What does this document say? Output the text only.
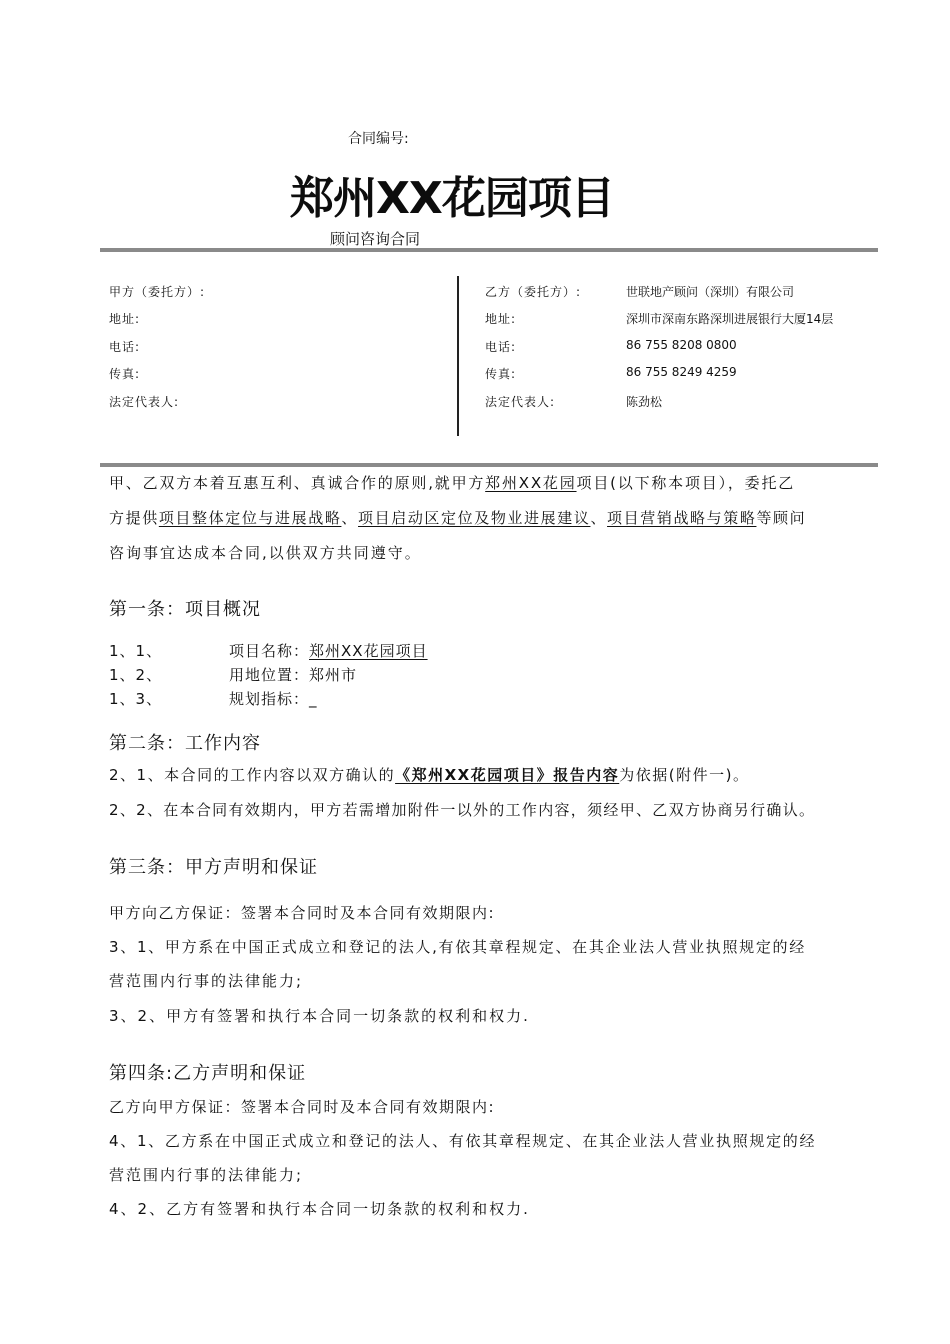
合同编号:
郑州XX花园项目
顾问咨询合同
甲方（委托方）:
地址:
电话:
传真:
法定代表人:
乙方（委托方）:	世联地产顾问（深圳）有限公司
地址:	深圳市深南东路深圳进展银行大厦14层
电话:	86 755 8208 0800
传真:	86 755 8249 4259
法定代表人:	陈劲松
甲、乙双方本着互惠互利、真诚合作的原则,就甲方郑州XX花园项目(以下称本项目），委托乙
方提供项目整体定位与进展战略、项目启动区定位及物业进展建议、项目营销战略与策略等顾问
咨询事宜达成本合同,以供双方共同遵守。
第一条：项目概况
1、1、	项目名称：郑州XX花园项目
1、2、	用地位置：郑州市
1、3、	规划指标：_
第二条：工作内容
2、1、本合同的工作内容以双方确认的《郑州XX花园项目》报告内容为依据(附件一)。
2、2、在本合同有效期内，甲方若需增加附件一以外的工作内容，须经甲、乙双方协商另行确认。
第三条：甲方声明和保证
甲方向乙方保证：签署本合同时及本合同有效期限内:
3、1、甲方系在中国正式成立和登记的法人,有依其章程规定、在其企业法人营业执照规定的经
营范围内行事的法律能力;
3、2、甲方有签署和执行本合同一切条款的权利和权力.
第四条:乙方声明和保证
乙方向甲方保证：签署本合同时及本合同有效期限内:
4、1、乙方系在中国正式成立和登记的法人、有依其章程规定、在其企业法人营业执照规定的经
营范围内行事的法律能力;
4、2、乙方有签署和执行本合同一切条款的权利和权力.
